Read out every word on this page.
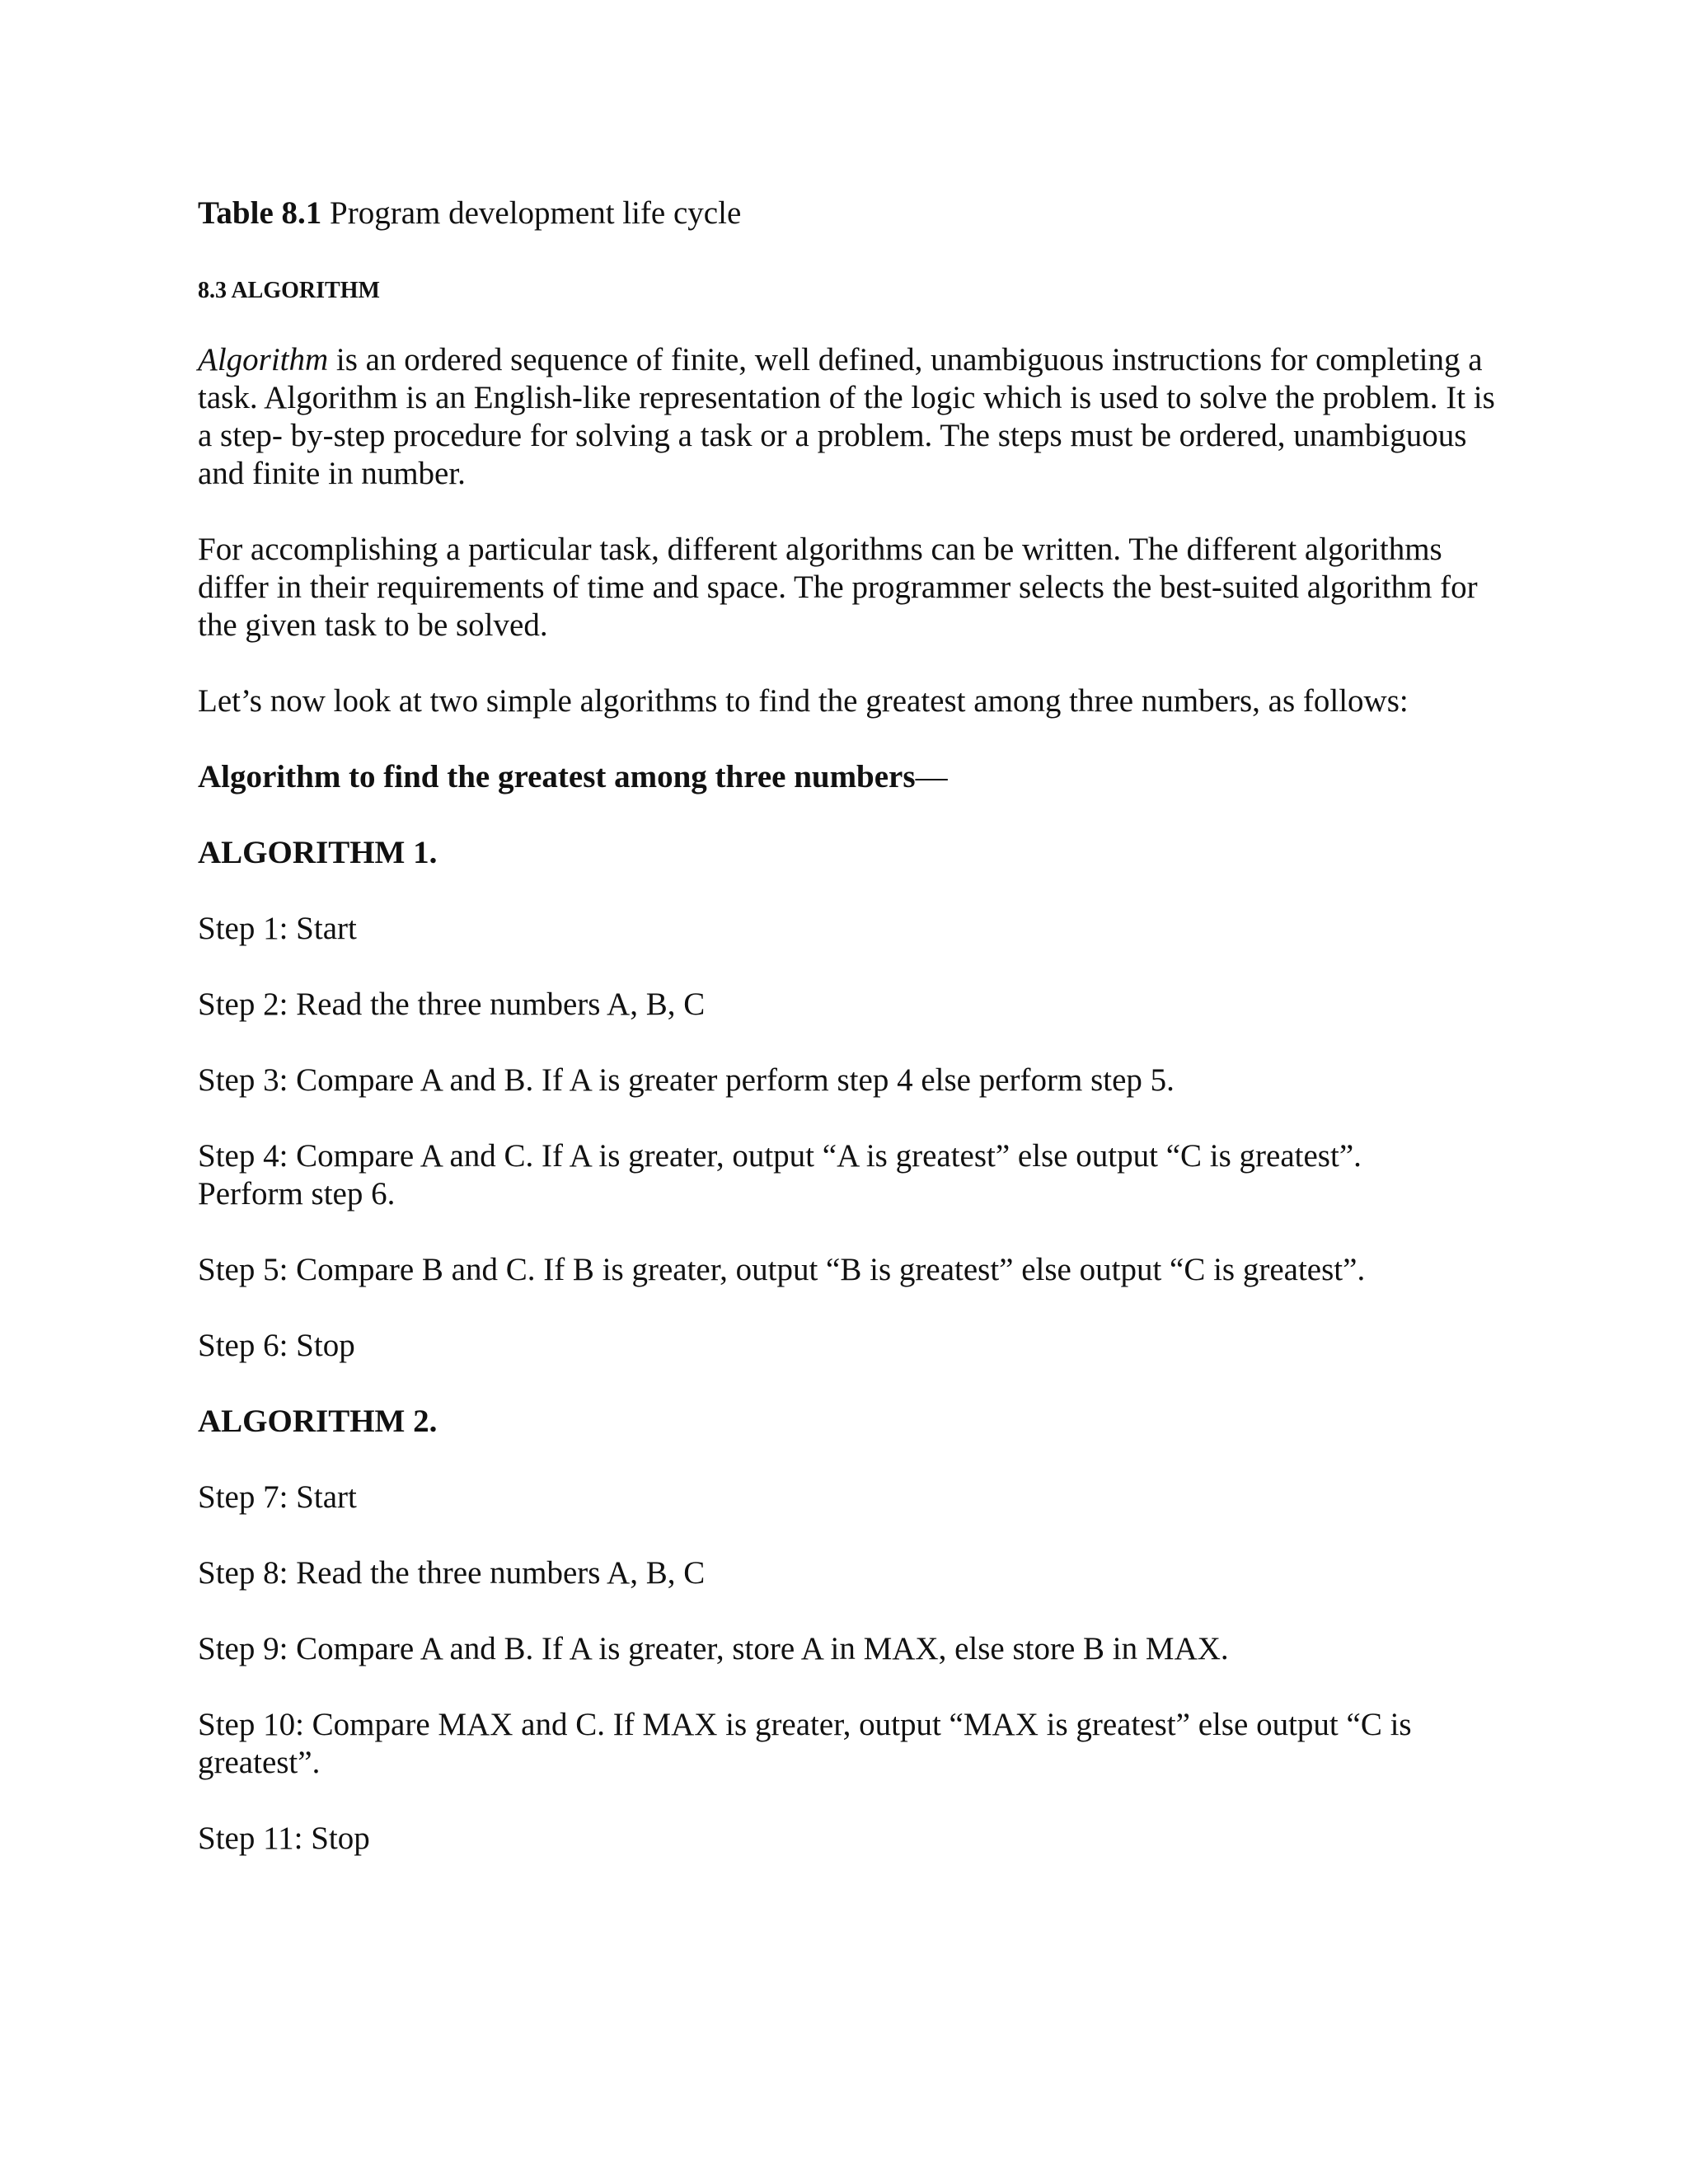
Table 8.1 Program development life cycle

8.3 ALGORITHM

Algorithm is an ordered sequence of finite, well defined, unambiguous instructions for completing a task. Algorithm is an English-like representation of the logic which is used to solve the problem. It is a step- by-step procedure for solving a task or a problem. The steps must be ordered, unambiguous and finite in number.

For accomplishing a particular task, different algorithms can be written. The different algorithms differ in their requirements of time and space. The programmer selects the best-suited algorithm for the given task to be solved.

Let’s now look at two simple algorithms to find the greatest among three numbers, as follows:

Algorithm to find the greatest among three numbers—

ALGORITHM 1.

Step 1: Start

Step 2: Read the three numbers A, B, C

Step 3: Compare A and B. If A is greater perform step 4 else perform step 5.

Step 4: Compare A and C. If A is greater, output “A is greatest” else output “C is greatest”.

Perform step 6.

Step 5: Compare B and C. If B is greater, output “B is greatest” else output “C is greatest”.

Step 6: Stop

ALGORITHM 2.

Step 7: Start

Step 8: Read the three numbers A, B, C

Step 9: Compare A and B. If A is greater, store A in MAX, else store B in MAX.

Step 10: Compare MAX and C. If MAX is greater, output “MAX is greatest” else output “C is

greatest”.

Step 11: Stop
